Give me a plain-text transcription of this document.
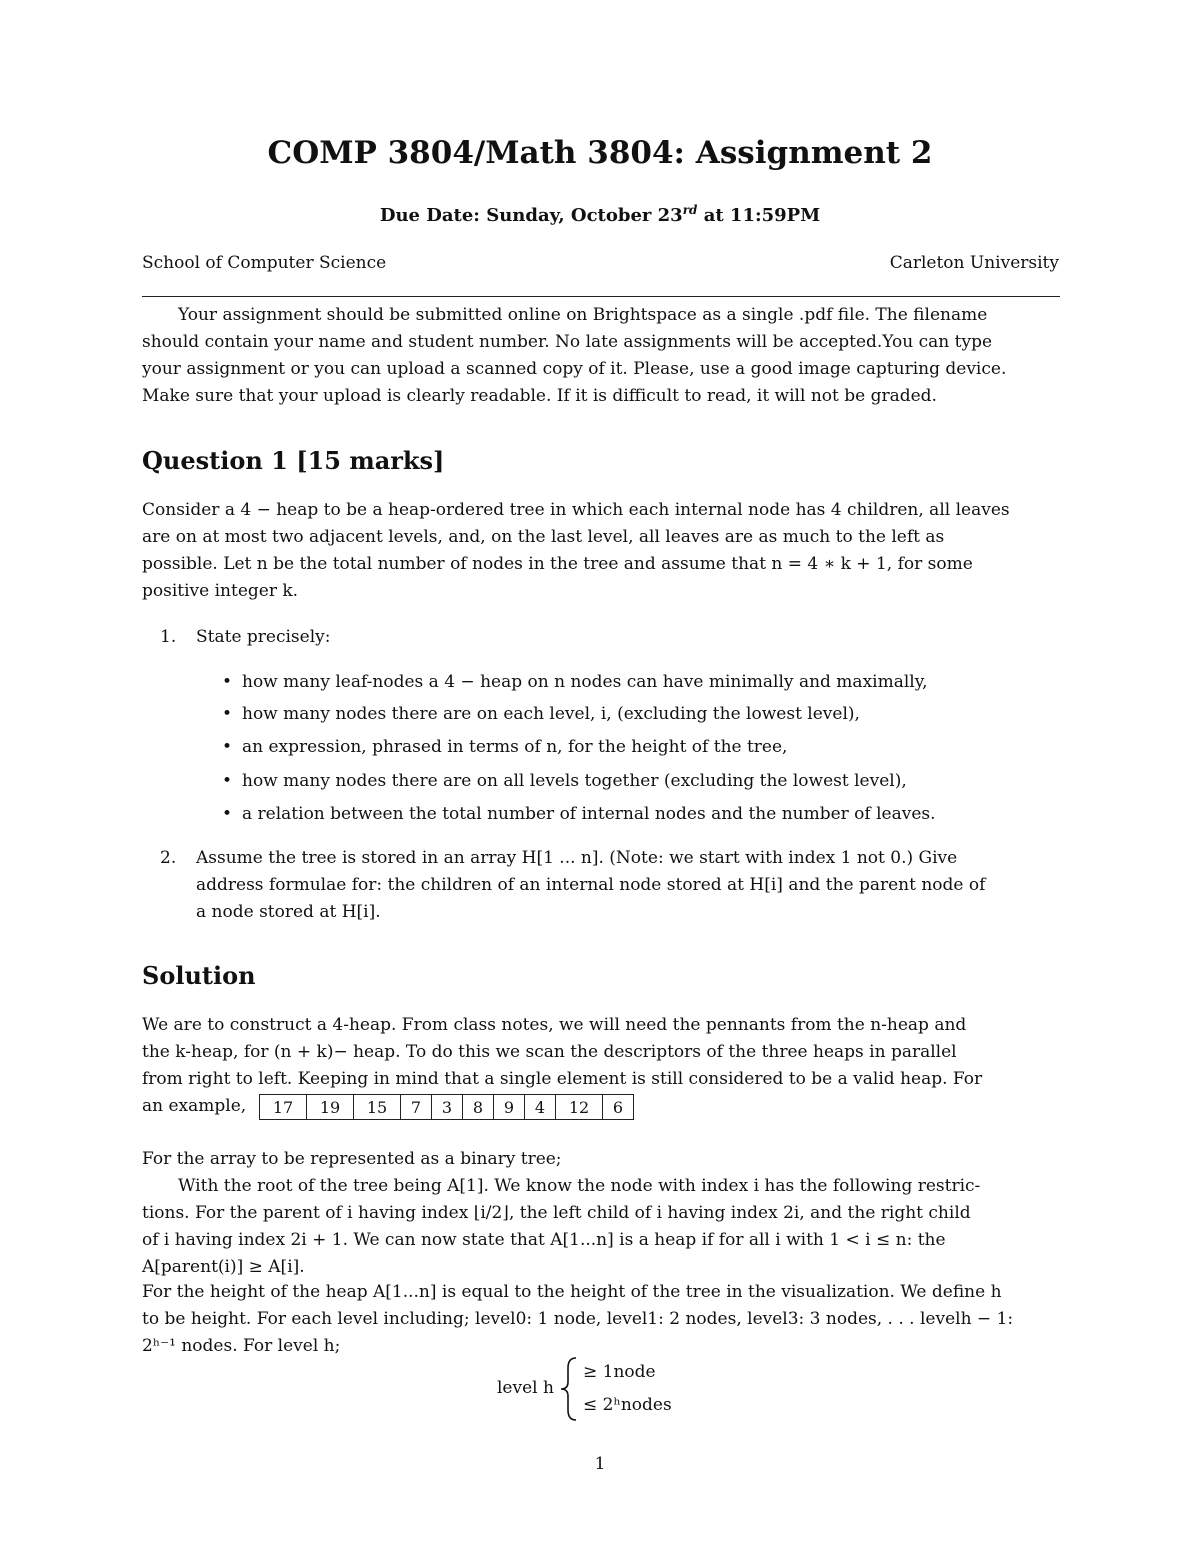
COMP 3804/Math 3804: Assignment 2
Due Date: Sunday, October 23rd at 11:59PM
School of Computer Science	Carleton University
Your assignment should be submitted online on Brightspace as a single .pdf file. The filename
should contain your name and student number. No late assignments will be accepted.You can type
your assignment or you can upload a scanned copy of it. Please, use a good image capturing device.
Make sure that your upload is clearly readable. If it is difficult to read, it will not be graded.
Question 1 [15 marks]
Consider a 4 − heap to be a heap-ordered tree in which each internal node has 4 children, all leaves
are on at most two adjacent levels, and, on the last level, all leaves are as much to the left as
possible. Let n be the total number of nodes in the tree and assume that n = 4 ∗ k + 1, for some
positive integer k.
1. State precisely:
• how many leaf-nodes a 4 − heap on n nodes can have minimally and maximally,
• how many nodes there are on each level, i, (excluding the lowest level),
• an expression, phrased in terms of n, for the height of the tree,
• how many nodes there are on all levels together (excluding the lowest level),
• a relation between the total number of internal nodes and the number of leaves.
2. Assume the tree is stored in an array H[1 ... n]. (Note: we start with index 1 not 0.) Give
address formulae for: the children of an internal node stored at H[i] and the parent node of
a node stored at H[i].
Solution
We are to construct a 4-heap. From class notes, we will need the pennants from the n-heap and
the k-heap, for (n + k)− heap. To do this we scan the descriptors of the three heaps in parallel
from right to left. Keeping in mind that a single element is still considered to be a valid heap. For
an example, 17	19	15	7	3	8	9	4	12	6
For the array to be represented as a binary tree;
With the root of the tree being A[1]. We know the node with index i has the following restric-
tions. For the parent of i having index ⌊i/2⌋, the left child of i having index 2i, and the right child
of i having index 2i + 1. We can now state that A[1...n] is a heap if for all i with 1 < i ≤ n: the
A[parent(i)] ≥ A[i].
For the height of the heap A[1...n] is equal to the height of the tree in the visualization. We define h
to be height. For each level including; level0: 1 node, level1: 2 nodes, level3: 3 nodes, . . . levelh − 1:
2ʰ⁻¹ nodes. For level h;
level h
≥ 1node
≤ 2ʰnodes
1
